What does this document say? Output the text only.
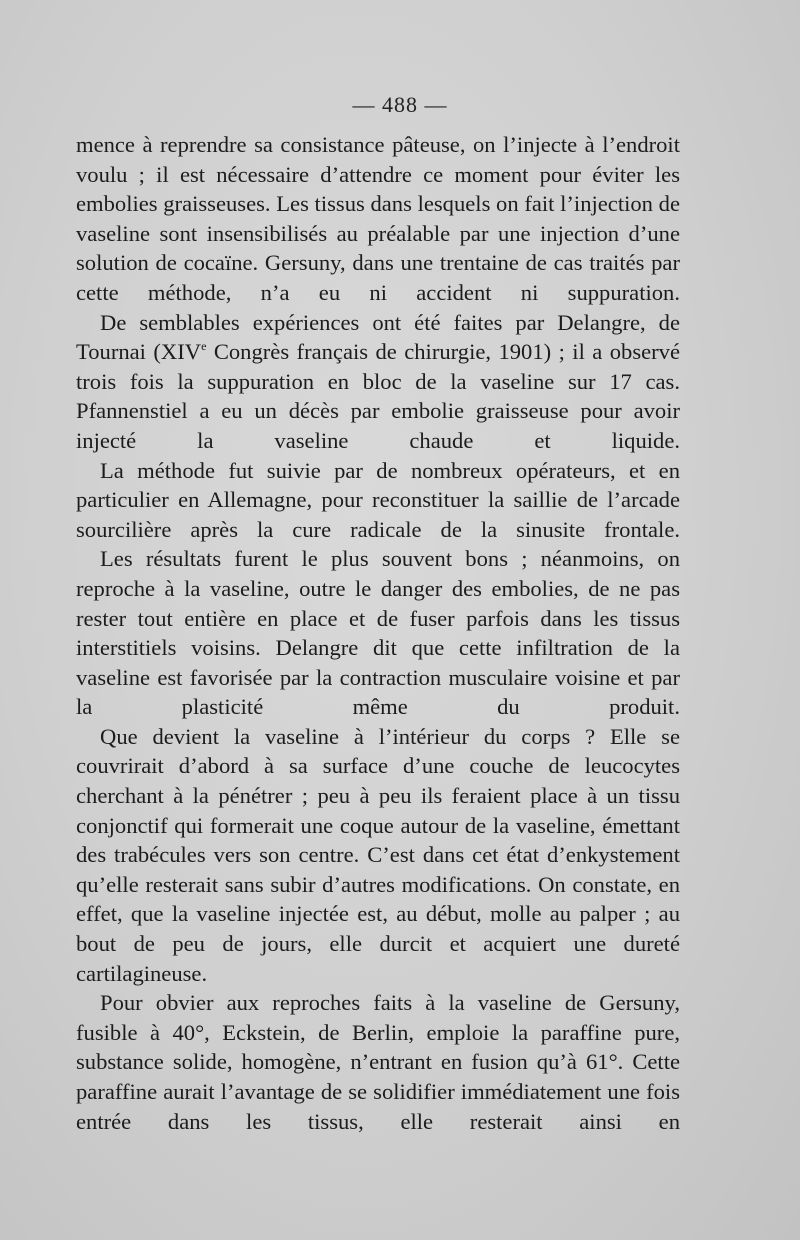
— 488 —

mence à reprendre sa consistance pâteuse, on l’injecte à l’endroit voulu ; il est nécessaire d’attendre ce moment pour éviter les embolies graisseuses. Les tissus dans lesquels on fait l’injection de vaseline sont insensibilisés au préalable par une injection d’une solution de cocaïne. Gersuny, dans une trentaine de cas traités par cette méthode, n’a eu ni accident ni suppuration.

De semblables expériences ont été faites par Delangre, de Tournai (XIVe Congrès français de chirurgie, 1901) ; il a observé trois fois la suppuration en bloc de la vaseline sur 17 cas. Pfannenstiel a eu un décès par embolie graisseuse pour avoir injecté la vaseline chaude et liquide.

La méthode fut suivie par de nombreux opérateurs, et en particulier en Allemagne, pour reconstituer la saillie de l’arcade sourcilière après la cure radicale de la sinusite frontale.

Les résultats furent le plus souvent bons ; néanmoins, on reproche à la vaseline, outre le danger des embolies, de ne pas rester tout entière en place et de fuser parfois dans les tissus interstitiels voisins. Delangre dit que cette infiltration de la vaseline est favorisée par la contraction musculaire voisine et par la plasticité même du produit.

Que devient la vaseline à l’intérieur du corps ? Elle se couvrirait d’abord à sa surface d’une couche de leucocytes cherchant à la pénétrer ; peu à peu ils feraient place à un tissu conjonctif qui formerait une coque autour de la vaseline, émettant des trabécules vers son centre. C’est dans cet état d’enkystement qu’elle resterait sans subir d’autres modifications. On constate, en effet, que la vaseline injectée est, au début, molle au palper ; au bout de peu de jours, elle durcit et acquiert une dureté cartilagineuse.

Pour obvier aux reproches faits à la vaseline de Gersuny, fusible à 40°, Eckstein, de Berlin, emploie la paraffine pure, substance solide, homogène, n’entrant en fusion qu’à 61°. Cette paraffine aurait l’avantage de se solidifier immédiatement une fois entrée dans les tissus, elle resterait ainsi en
